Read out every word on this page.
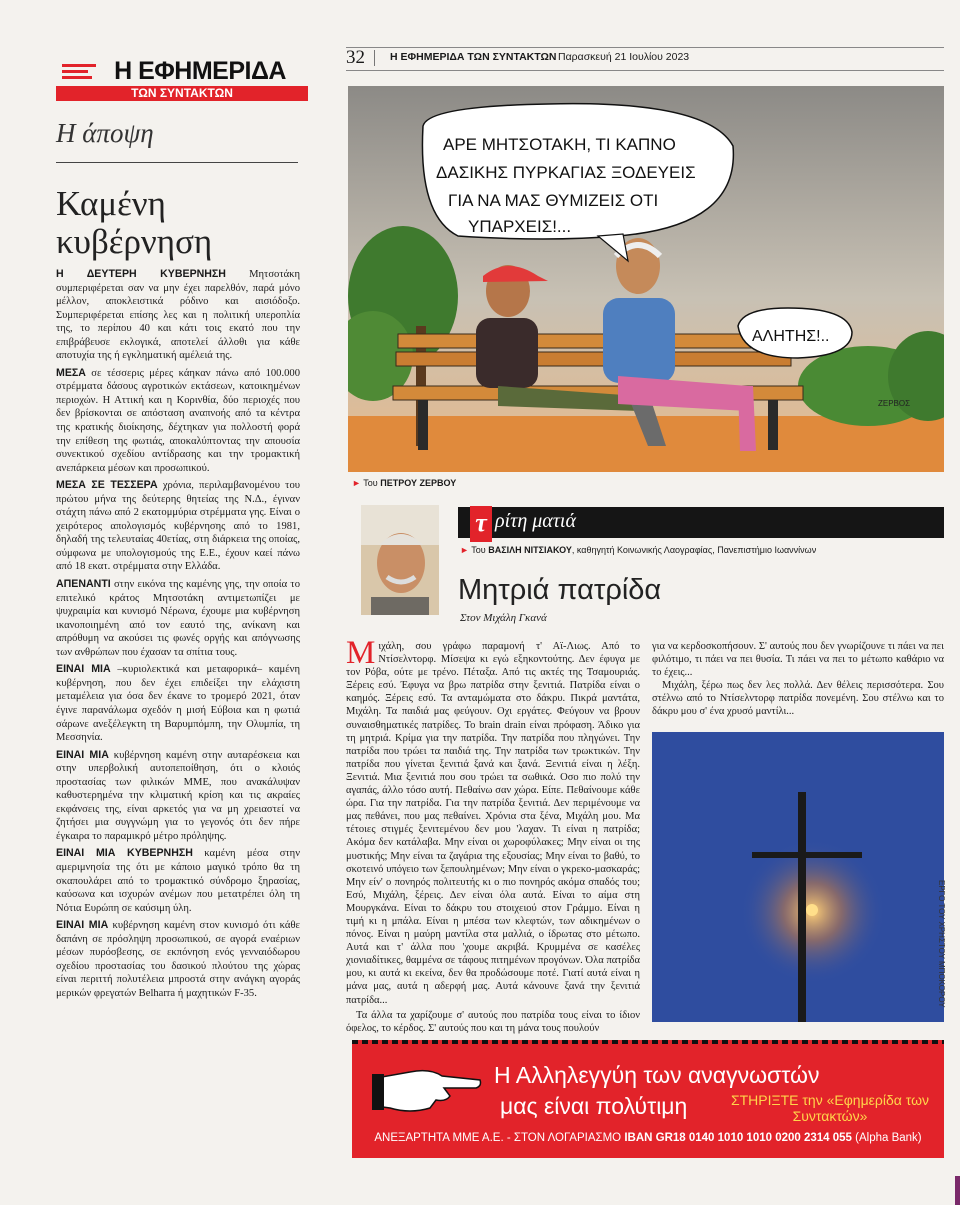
Η ΕΦΗΜΕΡΙΔΑ
ΤΩΝ ΣΥΝΤΑΚΤΩΝ
Η άποψη
Καμένη κυβέρνηση

Η ΔΕΥΤΕΡΗ ΚΥΒΕΡΝΗΣΗ Μητσοτάκη συμπεριφέρεται σαν να μην έχει παρελθόν, παρά μόνο μέλλον, αποκλειστικά ρόδινο και αισιόδοξο. Συμπεριφέρεται επίσης λες και η πολιτική υπεροπλία της, το περίπου 40 και κάτι τοις εκατό που την επιβράβευσε εκλογικά, αποτελεί άλλοθι για κάθε αποτυχία της ή εγκληματική αμέλειά της.

ΜΕΣΑ σε τέσσερις μέρες κάηκαν πάνω από 100.000 στρέμματα δάσους αγροτικών εκτάσεων, κατοικημένων περιοχών. Η Αττική και η Κορινθία, δύο περιοχές που δεν βρίσκονται σε απόσταση αναπνοής από τα κέντρα της κρατικής διοίκησης, δέχτηκαν για πολλοστή φορά την επίθεση της φωτιάς, αποκαλύπτοντας την απουσία συνεκτικού σχεδίου αντίδρασης και την τρομακτική ανεπάρκεια μέσων και προσωπικού.

ΜΕΣΑ ΣΕ ΤΕΣΣΕΡΑ χρόνια, περιλαμβανομένου του πρώτου μήνα της δεύτερης θητείας της Ν.Δ., έγιναν στάχτη πάνω από 2 εκατομμύρια στρέμματα γης. Είναι ο χειρότερος απολογισμός κυβέρνησης από το 1981, δηλαδή της τελευταίας 40ετίας, στη διάρκεια της οποίας, σύμφωνα με υπολογισμούς της Ε.Ε., έχουν καεί πάνω από 18 εκατ. στρέμματα στην Ελλάδα.

ΑΠΕΝΑΝΤΙ στην εικόνα της καμένης γης, την οποία το επιτελικό κράτος Μητσοτάκη αντιμετωπίζει με ψυχραιμία και κυνισμό Νέρωνα, έχουμε μια κυβέρνηση ικανοποιημένη από τον εαυτό της, ανίκανη και απρόθυμη να ακούσει τις φωνές οργής και απόγνωσης των ανθρώπων που έχασαν τα σπίτια τους.

ΕΙΝΑΙ ΜΙΑ –κυριολεκτικά και μεταφορικά– καμένη κυβέρνηση, που δεν έχει επιδείξει την ελάχιστη μεταμέλεια για όσα δεν έκανε το τρομερό 2021, όταν έγινε παρανάλωμα σχεδόν η μισή Εύβοια και η φωτιά σάρωνε ανεξέλεγκτη τη Βαρυμπόμπη, την Ολυμπία, τη Μεσσηνία.

ΕΙΝΑΙ ΜΙΑ κυβέρνηση καμένη στην αυταρέσκεια και στην υπερβολική αυτοπεποίθηση, ότι ο κλοιός προστασίας των φιλικών ΜΜΕ, που ανακάλυψαν καθυστερημένα την κλιματική κρίση και τις ακραίες εκφάνσεις της, είναι αρκετός για να μη χρειαστεί να ζητήσει μια συγγνώμη για το γεγονός ότι δεν πήρε έγκαιρα το παραμικρό μέτρο πρόληψης.

ΕΙΝΑΙ ΜΙΑ ΚΥΒΕΡΝΗΣΗ καμένη μέσα στην αμεριμνησία της ότι με κάποιο μαγικό τρόπο θα τη σκαπουλάρει από το τρομακτικό σύνδρομο ξηρασίας, καύσωνα και ισχυρών ανέμων που μετατρέπει όλη τη Νότια Ευρώπη σε καύσιμη ύλη.

ΕΙΝΑΙ ΜΙΑ κυβέρνηση καμένη στον κυνισμό ότι κάθε δαπάνη σε πρόσληψη προσωπικού, σε αγορά εναέριων μέσων πυρόσβεσης, σε εκπόνηση ενός γενναιόδωρου σχεδίου προστασίας του δασικού πλούτου της χώρας είναι περιττή πολυτέλεια μπροστά στην ανάγκη αγοράς μερικών φρεγατών Belharra ή μαχητικών F-35.

32 Η ΕΦΗΜΕΡΙΔΑ ΤΩΝ ΣΥΝΤΑΚΤΩΝ Παρασκευή 21 Ιουλίου 2023
ΑΡΕ ΜΗΤΣΟΤΑΚΗ, ΤΙ ΚΑΠΝΟ ΔΑΣΙΚΗΣ ΠΥΡΚΑΓΙΑΣ ΞΟΔΕΥΕΙΣ ΓΙΑ ΝΑ ΜΑΣ ΘΥΜΙΖΕΙΣ ΟΤΙ ΥΠΑΡΧΕΙΣ!...
ΑΛΗΤΗΣ!..
ΖΕΡΒΟΣ
► Του ΠΕΤΡΟΥ ΖΕΡΒΟΥ
τ ρίτη ματιά
► Του ΒΑΣΙΛΗ ΝΙΤΣΙΑΚΟΥ, καθηγητή Κοινωνικής Λαογραφίας, Πανεπιστήμιο Ιωαννίνων
Μητριά πατρίδα
Στον Μιχάλη Γκανά

Μιχάλη, σου γράφω παραμονή τ' Αϊ-Λιως. Από το Ντίσελντορφ. Μίσεψα κι εγώ εξηκοντούτης. Δεν έφυγα με τον Ρόβα, ούτε με τρένο. Πέταξα. Από τις ακτές της Τσαμουριάς. Ξέρεις εσύ. Έφυγα να βρω πατρίδα στην ξενιτιά. Πατρίδα είναι ο καημός. Ξέρεις εσύ. Τα ανταμώματα στο δάκρυ. Πικρά μαντάτα, Μιχάλη. Τα παιδιά μας φεύγουν. Οχι εργάτες. Φεύγουν να βρουν συναισθηματικές πατρίδες. Το brain drain είναι πρόφαση. Άδικο για τη μητριά. Κρίμα για την πατρίδα. Την πατρίδα που πληγώνει. Την πατρίδα που τρώει τα παιδιά της. Την πατρίδα των τρωκτικών. Την πατρίδα που γίνεται ξενιτιά ξανά και ξανά. Ξενιτιά είναι η λέξη. Ξενιτιά. Μια ξενιτιά που σου τρώει τα σωθικά. Οσο πιο πολύ την αγαπάς, άλλο τόσο αυτή. Πεθαίνω σαν χώρα. Είπε. Πεθαίνουμε κάθε ώρα. Για την πατρίδα. Για την πατρίδα ξενιτιά. Δεν περιμένουμε να μας πεθάνει, που μας πεθαίνει. Χρόνια στα ξένα, Μιχάλη μου. Μα τέτοιες στιγμές ξενιτεμένου δεν μου 'λαχαν. Τι είναι η πατρίδα; Ακόμα δεν κατάλαβα. Μην είναι οι χωροφύλακες; Μην είναι οι της μυστικής; Μην είναι τα ζαγάρια της εξουσίας; Μην είναι το βαθύ, το σκοτεινό υπόγειο των ξεπουλημένων; Μην είναι ο γκρεκο-μασκαράς; Μην είν' ο πονηρός πολιτευτής κι ο πιο πονηρός ακόμα σπαδός του; Εσύ, Μιχάλη, ξέρεις. Δεν είναι όλα αυτά. Είναι το αίμα στη Μουργκάνα. Είναι το δάκρυ του στοιχειού στον Γράμμο. Είναι η τιμή κι η μπάλα. Είναι η μπέσα των κλεφτών, των αδικημένων ο πόνος. Είναι η μαύρη μαντίλα στα μαλλιά, ο ίδρωτας στο μέτωπο. Αυτά και τ' άλλα που 'χουμε ακριβά. Κρυμμένα σε κασέλες χιονιαδίτικες, θαμμένα σε τάφους πιτημένων προγόνων. Όλα πατρίδα μου, κι αυτά κι εκείνα, δεν θα προδώσουμε ποτέ. Γιατί αυτά είναι η μάνα μας, αυτά η αδερφή μας. Αυτά κάνουνε ξανά την ξενιτιά πατρίδα...

Τα άλλα τα χαρίζουμε σ' αυτούς που πατρίδα τους είναι το ίδιον όφελος, το κέρδος. Σ' αυτούς που και τη μάνα τους πουλούν

για να κερδοσκοπήσουν. Σ' αυτούς που δεν γνωρίζουνε τι πάει να πει φιλότιμο, τι πάει να πει θυσία. Τι πάει να πει το μέτωπο καθάριο να το έχεις...

Μιχάλη, ξέρω πως δεν λες πολλά. Δεν θέλεις περισσότερα. Σου στέλνω από το Ντίσελντορφ πατρίδα πονεμένη. Σου στέλνω και το δάκρυ μου σ' ένα χρυσό μαντίλι...

ΕΡΓΟ ΤΟΥ ΧΡΗΣΤΟΥ ΜΠΟΚΟΡΟΥ
Η Αλληλεγγύη των αναγνωστών
μας είναι πολύτιμη	ΣΤΗΡΙΞΤΕ την «Εφημερίδα των Συντακτών»
ΑΝΕΞΑΡΤΗΤΑ ΜΜΕ Α.Ε. - ΣΤΟΝ ΛΟΓΑΡΙΑΣΜΟ IBAN GR18 0140 1010 1010 0200 2314 055 (Alpha Bank)
